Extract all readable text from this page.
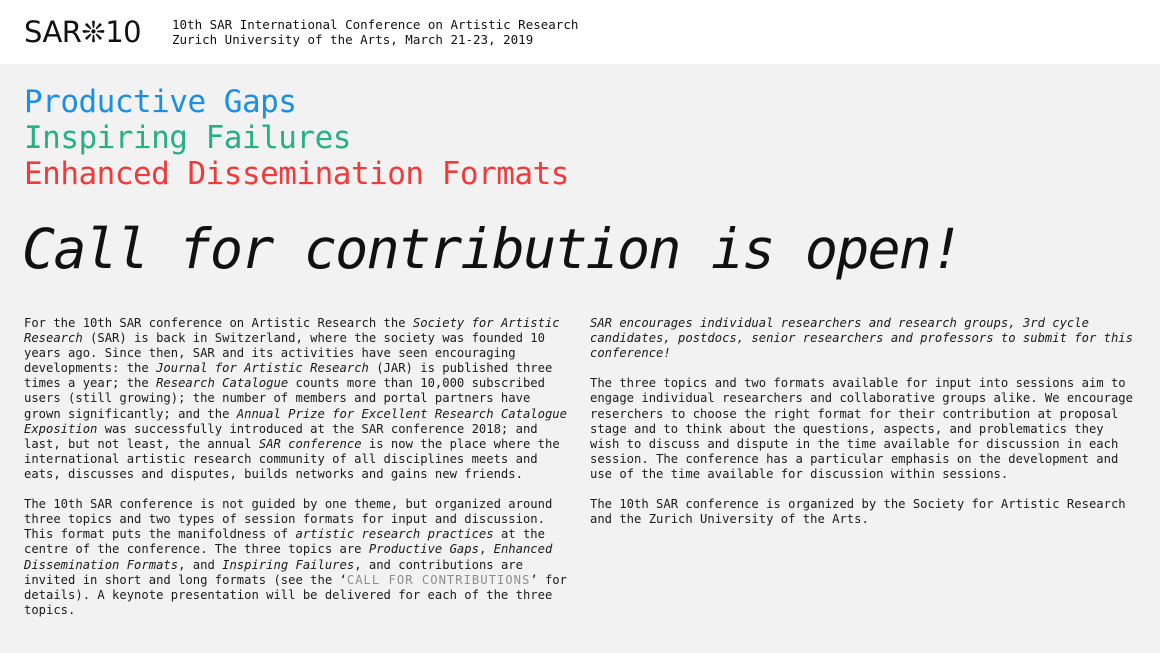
SAR❊10 10th SAR International Conference on Artistic Research
Zurich University of the Arts, March 21-23, 2019
Productive Gaps
Inspiring Failures
Enhanced Dissemination Formats
Call for contribution is open!

For the 10th SAR conference on Artistic Research the Society for Artistic Research (SAR) is back in Switzerland, where the society was founded 10 years ago. Since then, SAR and its activities have seen encouraging developments: the Journal for Artistic Research (JAR) is published three times a year; the Research Catalogue counts more than 10,000 subscribed users (still growing); the number of members and portal partners have grown significantly; and the Annual Prize for Excellent Research Catalogue Exposition was successfully introduced at the SAR conference 2018; and last, but not least, the annual SAR conference is now the place where the international artistic research community of all disciplines meets and eats, discusses and disputes, builds networks and gains new friends.

The 10th SAR conference is not guided by one theme, but organized around three topics and two types of session formats for input and discussion. This format puts the manifoldness of artistic research practices at the centre of the conference. The three topics are Productive Gaps, Enhanced Dissemination Formats, and Inspiring Failures, and contributions are invited in short and long formats (see the ‘CALL FOR CONTRIBUTIONS’ for details). A keynote presentation will be delivered for each of the three topics.

SAR encourages individual researchers and research groups, 3rd cycle candidates, postdocs, senior researchers and professors to submit for this conference!

The three topics and two formats available for input into sessions aim to engage individual researchers and collaborative groups alike. We encourage reserchers to choose the right format for their contribution at proposal stage and to think about the questions, aspects, and problematics they wish to discuss and dispute in the time available for discussion in each session. The conference has a particular emphasis on the development and use of the time available for discussion within sessions.

The 10th SAR conference is organized by the Society for Artistic Research and the Zurich University of the Arts.
